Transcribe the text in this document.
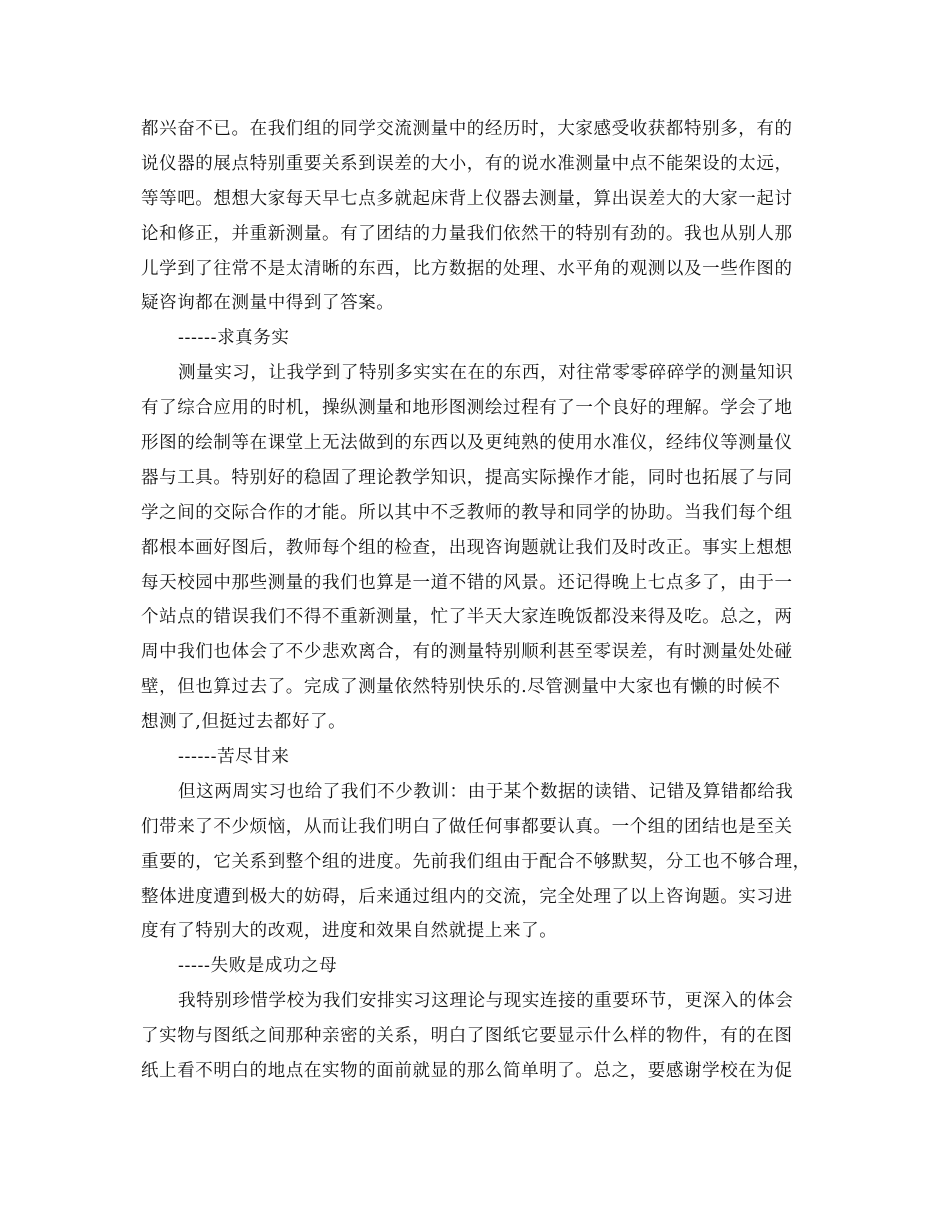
都兴奋不已。在我们组的同学交流测量中的经历时，大家感受收获都特别多，有的
说仪器的展点特别重要关系到误差的大小，有的说水准测量中点不能架设的太远，
等等吧。想想大家每天早七点多就起床背上仪器去测量，算出误差大的大家一起讨
论和修正，并重新测量。有了团结的力量我们依然干的特别有劲的。我也从别人那
儿学到了往常不是太清晰的东西，比方数据的处理、水平角的观测以及一些作图的
疑咨询都在测量中得到了答案。
------求真务实
测量实习，让我学到了特别多实实在在的东西，对往常零零碎碎学的测量知识
有了综合应用的时机，操纵测量和地形图测绘过程有了一个良好的理解。学会了地
形图的绘制等在课堂上无法做到的东西以及更纯熟的使用水准仪，经纬仪等测量仪
器与工具。特别好的稳固了理论教学知识，提高实际操作才能，同时也拓展了与同
学之间的交际合作的才能。所以其中不乏教师的教导和同学的协助。当我们每个组
都根本画好图后，教师每个组的检查，出现咨询题就让我们及时改正。事实上想想
每天校园中那些测量的我们也算是一道不错的风景。还记得晚上七点多了，由于一
个站点的错误我们不得不重新测量，忙了半天大家连晚饭都没来得及吃。总之，两
周中我们也体会了不少悲欢离合，有的测量特别顺利甚至零误差，有时测量处处碰
壁，但也算过去了。完成了测量依然特别快乐的.尽管测量中大家也有懒的时候不
想测了,但挺过去都好了。
------苦尽甘来
但这两周实习也给了我们不少教训：由于某个数据的读错、记错及算错都给我
们带来了不少烦恼，从而让我们明白了做任何事都要认真。一个组的团结也是至关
重要的，它关系到整个组的进度。先前我们组由于配合不够默契，分工也不够合理，
整体进度遭到极大的妨碍，后来通过组内的交流，完全处理了以上咨询题。实习进
度有了特别大的改观，进度和效果自然就提上来了。
-----失败是成功之母
我特别珍惜学校为我们安排实习这理论与现实连接的重要环节，更深入的体会
了实物与图纸之间那种亲密的关系，明白了图纸它要显示什么样的物件，有的在图
纸上看不明白的地点在实物的面前就显的那么简单明了。总之，要感谢学校在为促
